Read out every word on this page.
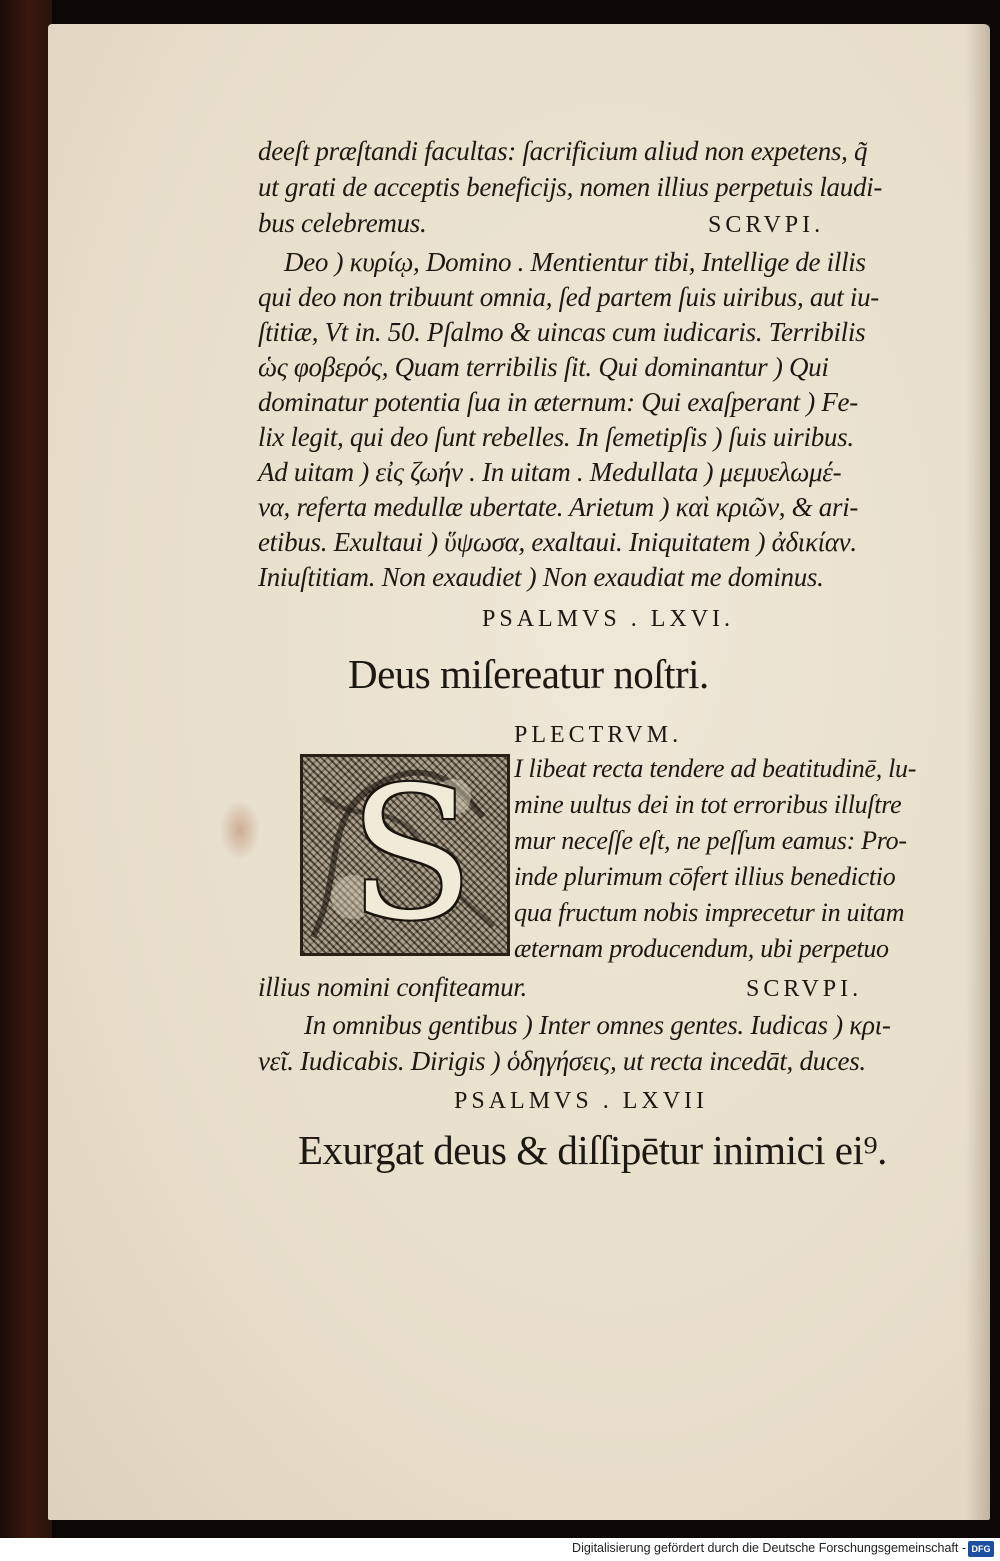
deeſt præſtandi facultas: ſacrificium aliud non expetens, q̃
ut grati de acceptis beneficijs, nomen illius perpetuis laudi-
bus celebremus.	SCRVPI.
Deo ) κυρίῳ, Domino . Mentientur tibi, Intellige de illis
qui deo non tribuunt omnia, ſed partem ſuis uiribus, aut iu-
ſtitiæ, Vt in. 50. Pſalmo & uincas cum iudicaris. Terribilis
ὡς φοβερός, Quam terribilis ſit. Qui dominantur ) Qui
dominatur potentia ſua in æternum: Qui exaſperant ) Fe-
lix legit, qui deo ſunt rebelles. In ſemetipſis ) ſuis uiribus.
Ad uitam ) εἰς ζωήν . In uitam . Medullata ) μεμυελωμέ-
να, referta medullæ ubertate. Arietum ) καὶ κριῶν, & ari-
etibus. Exultaui ) ὕψωσα, exaltaui. Iniquitatem ) ἀδικίαν.
Iniuſtitiam. Non exaudiet ) Non exaudiat me dominus.
PSALMVS . LXVI.
Deus miſereatur noſtri.
PLECTRVM.
I libeat recta tendere ad beatitudinē, lu-
mine uultus dei in tot erroribus illuſtre
mur neceſſe eſt, ne peſſum eamus: Pro-
inde plurimum cōfert illius benedictio
qua fructum nobis imprecetur in uitam
æternam producendum, ubi perpetuo
illius nomini confiteamur.	SCRVPI.
In omnibus gentibus ) Inter omnes gentes. Iudicas ) κρι-
νεῖ. Iudicabis. Dirigis ) ὁδηγήσεις, ut recta incedāt, duces.
PSALMVS . LXVII
Exurgat deus & diſſipētur inimici ei⁹.
S
Digitalisierung gefördert durch die Deutsche Forschungsgemeinschaft - DFG
